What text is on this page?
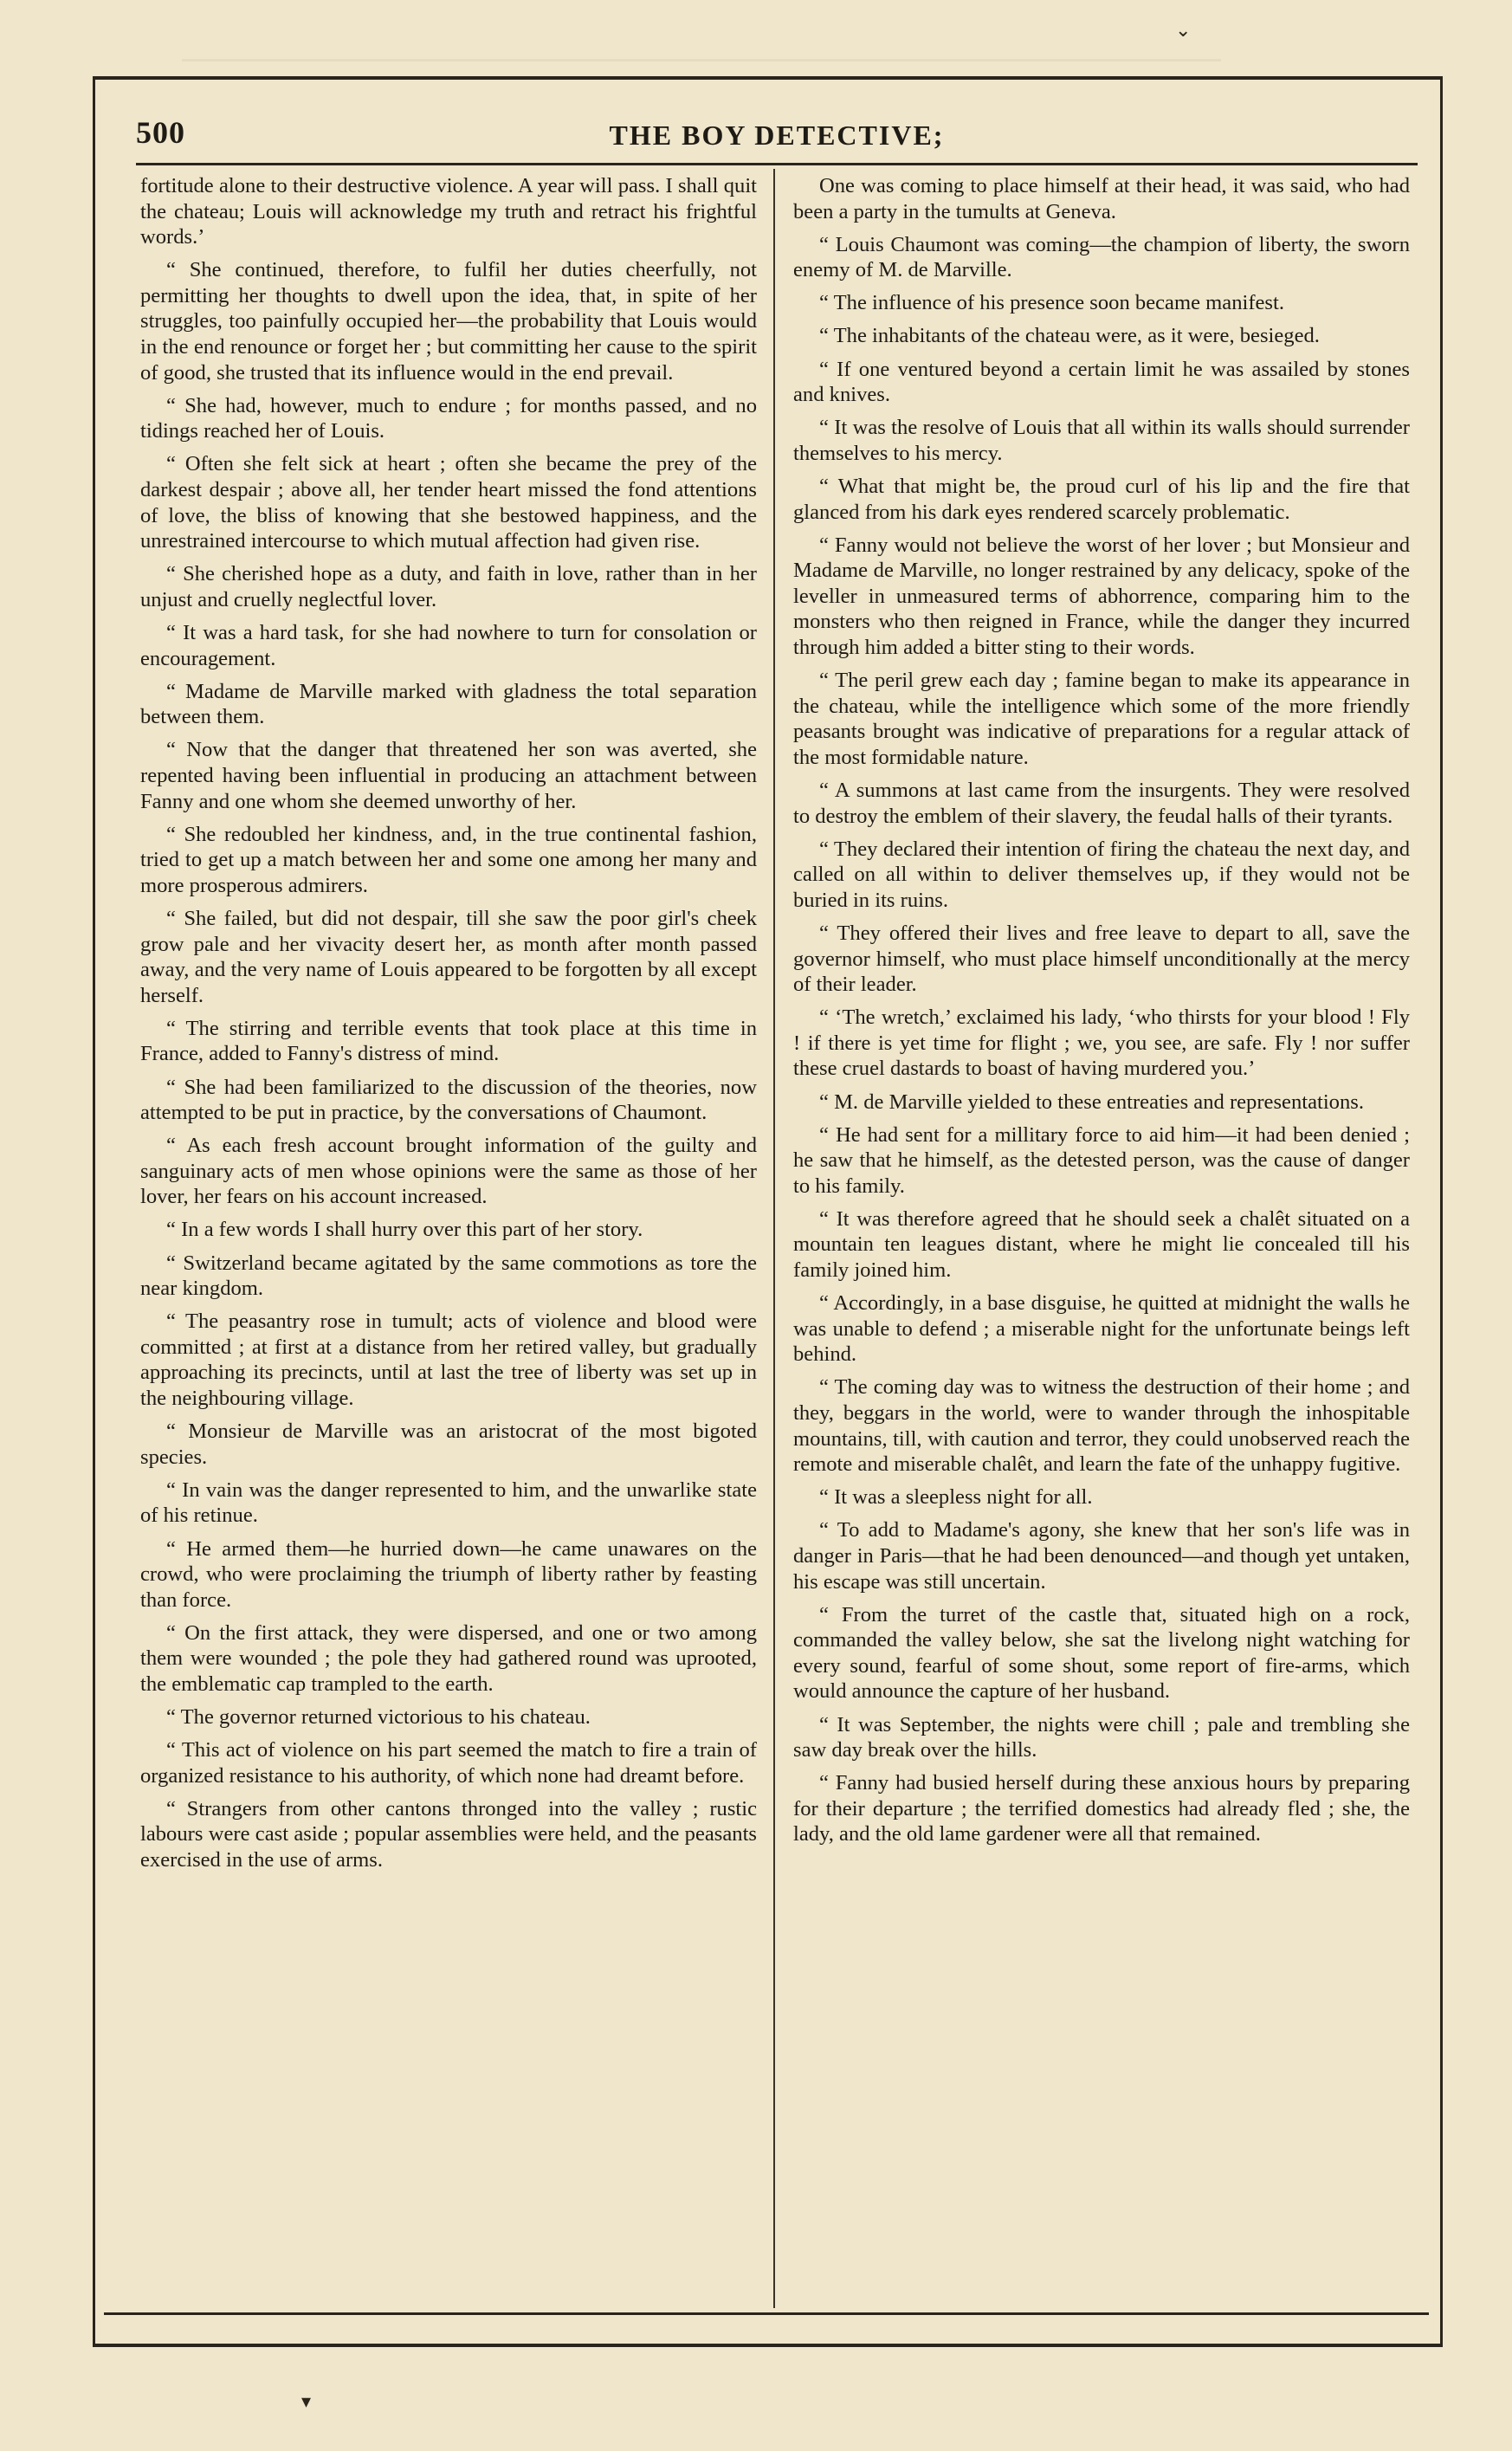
⌄
500	THE BOY DETECTIVE;

fortitude alone to their destructive violence. A year will pass. I shall quit the chateau; Louis will acknowledge my truth and retract his frightful words.’

“ She continued, therefore, to fulfil her duties cheerfully, not permitting her thoughts to dwell upon the idea, that, in spite of her struggles, too painfully occupied her—the probability that Louis would in the end renounce or forget her ; but committing her cause to the spirit of good, she trusted that its influence would in the end prevail.

“ She had, however, much to endure ; for months passed, and no tidings reached her of Louis.

“ Often she felt sick at heart ; often she became the prey of the darkest despair ; above all, her tender heart missed the fond attentions of love, the bliss of knowing that she bestowed happiness, and the unrestrained intercourse to which mutual affection had given rise.

“ She cherished hope as a duty, and faith in love, rather than in her unjust and cruelly neglectful lover.

“ It was a hard task, for she had nowhere to turn for consolation or encouragement.

“ Madame de Marville marked with gladness the total separation between them.

“ Now that the danger that threatened her son was averted, she repented having been influential in producing an attachment between Fanny and one whom she deemed unworthy of her.

“ She redoubled her kindness, and, in the true continental fashion, tried to get up a match between her and some one among her many and more prosperous admirers.

“ She failed, but did not despair, till she saw the poor girl's cheek grow pale and her vivacity desert her, as month after month passed away, and the very name of Louis appeared to be forgotten by all except herself.

“ The stirring and terrible events that took place at this time in France, added to Fanny's distress of mind.

“ She had been familiarized to the discussion of the theories, now attempted to be put in practice, by the conversations of Chaumont.

“ As each fresh account brought information of the guilty and sanguinary acts of men whose opinions were the same as those of her lover, her fears on his account increased.

“ In a few words I shall hurry over this part of her story.

“ Switzerland became agitated by the same commotions as tore the near kingdom.

“ The peasantry rose in tumult; acts of violence and blood were committed ; at first at a distance from her retired valley, but gradually approaching its precincts, until at last the tree of liberty was set up in the neighbouring village.

“ Monsieur de Marville was an aristocrat of the most bigoted species.

“ In vain was the danger represented to him, and the unwarlike state of his retinue.

“ He armed them—he hurried down—he came unawares on the crowd, who were proclaiming the triumph of liberty rather by feasting than force.

“ On the first attack, they were dispersed, and one or two among them were wounded ; the pole they had gathered round was uprooted, the emblematic cap trampled to the earth.

“ The governor returned victorious to his chateau.

“ This act of violence on his part seemed the match to fire a train of organized resistance to his authority, of which none had dreamt before.

“ Strangers from other cantons thronged into the valley ; rustic labours were cast aside ; popular assemblies were held, and the peasants exercised in the use of arms.

One was coming to place himself at their head, it was said, who had been a party in the tumults at Geneva.

“ Louis Chaumont was coming—the champion of liberty, the sworn enemy of M. de Marville.

“ The influence of his presence soon became manifest.

“ The inhabitants of the chateau were, as it were, besieged.

“ If one ventured beyond a certain limit he was assailed by stones and knives.

“ It was the resolve of Louis that all within its walls should surrender themselves to his mercy.

“ What that might be, the proud curl of his lip and the fire that glanced from his dark eyes rendered scarcely problematic.

“ Fanny would not believe the worst of her lover ; but Monsieur and Madame de Marville, no longer restrained by any delicacy, spoke of the leveller in unmeasured terms of abhorrence, comparing him to the monsters who then reigned in France, while the danger they incurred through him added a bitter sting to their words.

“ The peril grew each day ; famine began to make its appearance in the chateau, while the intelligence which some of the more friendly peasants brought was indicative of preparations for a regular attack of the most formidable nature.

“ A summons at last came from the insurgents. They were resolved to destroy the emblem of their slavery, the feudal halls of their tyrants.

“ They declared their intention of firing the chateau the next day, and called on all within to deliver themselves up, if they would not be buried in its ruins.

“ They offered their lives and free leave to depart to all, save the governor himself, who must place himself unconditionally at the mercy of their leader.

“ ‘The wretch,’ exclaimed his lady, ‘who thirsts for your blood ! Fly ! if there is yet time for flight ; we, you see, are safe. Fly ! nor suffer these cruel dastards to boast of having murdered you.’

“ M. de Marville yielded to these entreaties and representations.

“ He had sent for a millitary force to aid him—it had been denied ; he saw that he himself, as the detested person, was the cause of danger to his family.

“ It was therefore agreed that he should seek a chalêt situated on a mountain ten leagues distant, where he might lie concealed till his family joined him.

“ Accordingly, in a base disguise, he quitted at midnight the walls he was unable to defend ; a miserable night for the unfortunate beings left behind.

“ The coming day was to witness the destruction of their home ; and they, beggars in the world, were to wander through the inhospitable mountains, till, with caution and terror, they could unobserved reach the remote and miserable chalêt, and learn the fate of the unhappy fugitive.

“ It was a sleepless night for all.

“ To add to Madame's agony, she knew that her son's life was in danger in Paris—that he had been denounced—and though yet untaken, his escape was still uncertain.

“ From the turret of the castle that, situated high on a rock, commanded the valley below, she sat the livelong night watching for every sound, fearful of some shout, some report of fire-arms, which would announce the capture of her husband.

“ It was September, the nights were chill ; pale and trembling she saw day break over the hills.

“ Fanny had busied herself during these anxious hours by preparing for their departure ; the terrified domestics had already fled ; she, the lady, and the old lame gardener were all that remained.

▾
